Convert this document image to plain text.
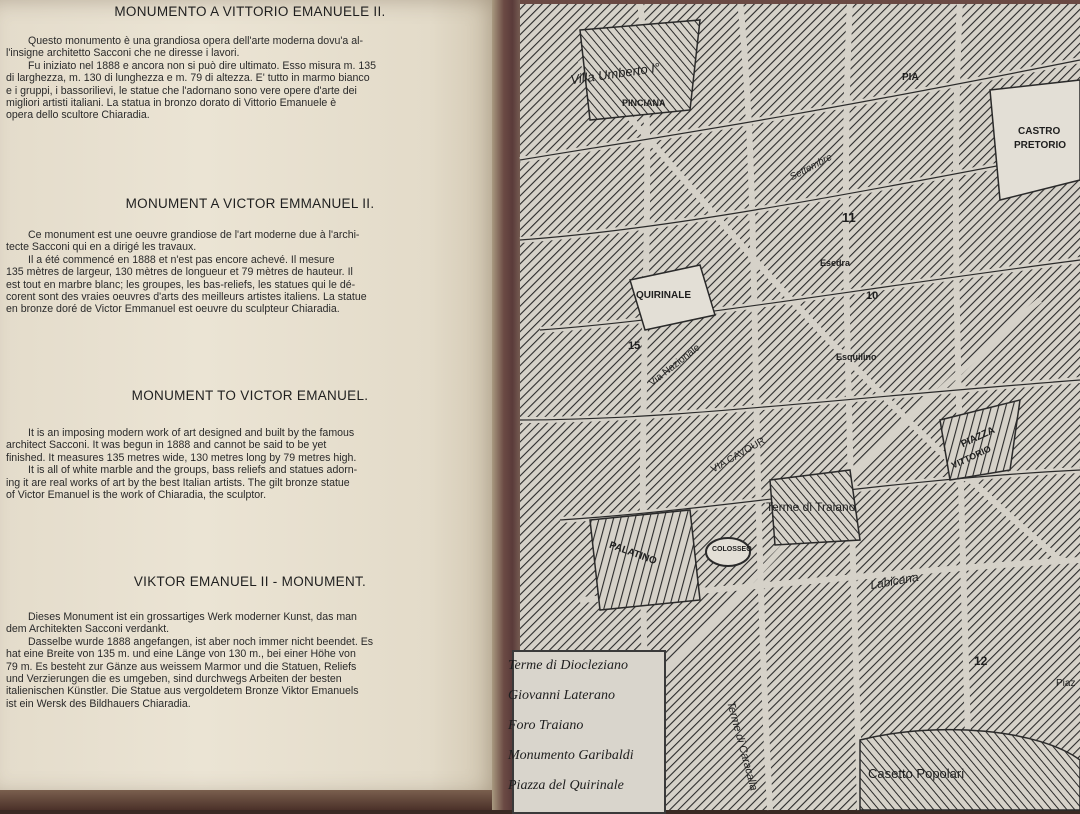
MONUMENTO A VITTORIO EMANUELE II.

Questo monumento è una grandiosa opera dell'arte moderna dovu'a al-

l'insigne architetto Sacconi che ne diresse i lavori.

Fu iniziato nel 1888 e ancora non si può dire ultimato. Esso misura m. 135

di larghezza, m. 130 di lunghezza e m. 79 di altezza. E' tutto in marmo bianco

e i gruppi, i bassorilievi, le statue che l'adornano sono vere opere d'arte dei

migliori artisti italiani. La statua in bronzo dorato di Vittorio Emanuele è

opera dello scultore Chiaradia.

MONUMENT A VICTOR EMMANUEL II.

Ce monument est une oeuvre grandiose de l'art moderne due à l'archi-

tecte Sacconi qui en a dirigé les travaux.

Il a été commencé en 1888 et n'est pas encore achevé. Il mesure

135 mètres de largeur, 130 mètres de longueur et 79 mètres de hauteur. Il

est tout en marbre blanc; les groupes, les bas-reliefs, les statues qui le dé-

corent sont des vraies oeuvres d'arts des meilleurs artistes italiens. La statue

en bronze doré de Victor Emmanuel est oeuvre du sculpteur Chiaradia.

MONUMENT TO VICTOR EMANUEL.

It is an imposing modern work of art designed and built by the famous

architect Sacconi. It was begun in 1888 and cannot be said to be yet

finished. It measures 135 metres wide, 130 metres long by 79 metres high.

It is all of white marble and the groups, bass reliefs and statues adorn-

ing it are real works of art by the best Italian artists. The gilt bronze statue

of Victor Emanuel is the work of Chiaradia, the sculptor.

VIKTOR EMANUEL II - MONUMENT.

Dieses Monument ist ein grossartiges Werk moderner Kunst, das man

dem Architekten Sacconi verdankt.

Dasselbe wurde 1888 angefangen, ist aber noch immer nicht beendet. Es

hat eine Breite von 135 m. und eine Länge von 130 m., bei einer Höhe von

79 m. Es besteht zur Gänze aus weissem Marmor und die Statuen, Reliefs

und Verzierungen die es umgeben, sind durchwegs Arbeiten der besten

italienischen Künstler. Die Statue aus vergoldetem Bronze Viktor Emanuels

ist ein Wersk des Bildhauers Chiaradia.

Villa Umberto I°
PINCIANA
PIA
CASTRO
PRETORIO
Settembre
Esedra
11
QUIRINALE	10
15 Via Nazionale	Esquilino
VIA CAVOUR	PIAZZA
VITTORIO
Terme di Traiano
PALATINO	COLOSSEO
Labicana
12
Casetto Popolari
Terme di Caracalla
Piaz
Terme di Diocleziano
Giovanni Laterano
Foro Traiano
Monumento Garibaldi
Piazza del Quirinale
